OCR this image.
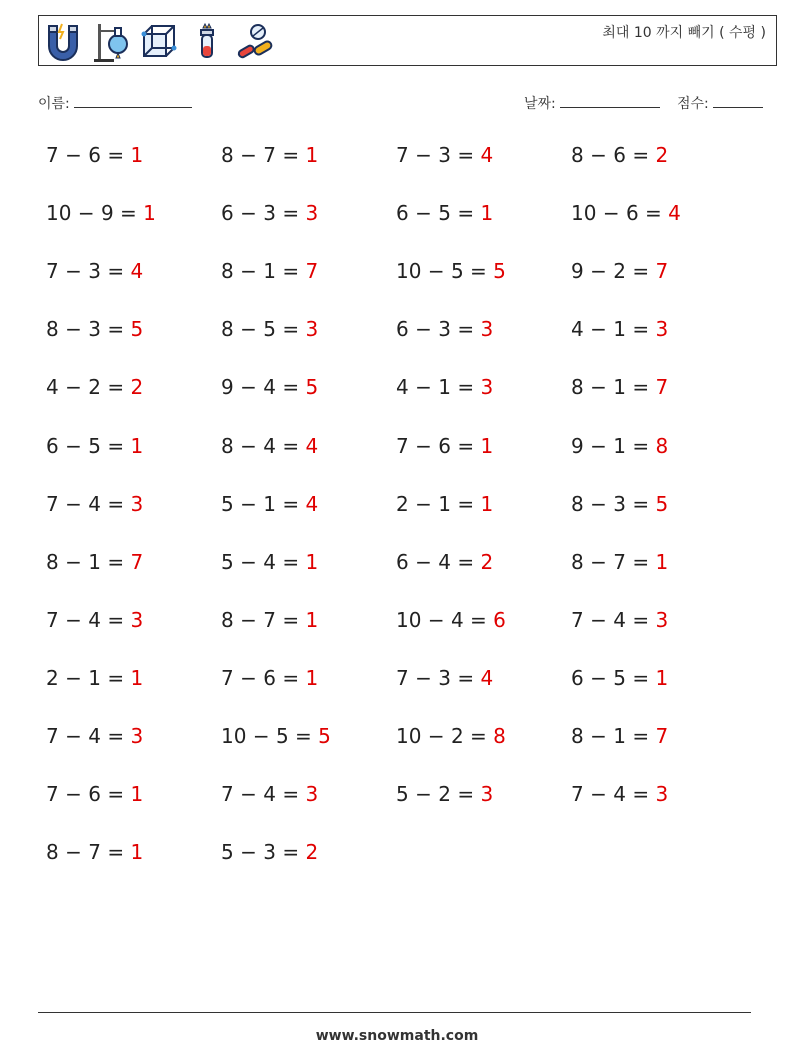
최대 10 까지 빼기 ( 수평 )
이름:	날짜:	점수:
7 − 6 = 1
10 − 9 = 1
7 − 3 = 4
8 − 3 = 5
4 − 2 = 2
6 − 5 = 1
7 − 4 = 3
8 − 1 = 7
7 − 4 = 3
2 − 1 = 1
7 − 4 = 3
7 − 6 = 1
8 − 7 = 1
8 − 7 = 1
6 − 3 = 3
8 − 1 = 7
8 − 5 = 3
9 − 4 = 5
8 − 4 = 4
5 − 1 = 4
5 − 4 = 1
8 − 7 = 1
7 − 6 = 1
10 − 5 = 5
7 − 4 = 3
5 − 3 = 2
7 − 3 = 4
6 − 5 = 1
10 − 5 = 5
6 − 3 = 3
4 − 1 = 3
7 − 6 = 1
2 − 1 = 1
6 − 4 = 2
10 − 4 = 6
7 − 3 = 4
10 − 2 = 8
5 − 2 = 3
8 − 6 = 2
10 − 6 = 4
9 − 2 = 7
4 − 1 = 3
8 − 1 = 7
9 − 1 = 8
8 − 3 = 5
8 − 7 = 1
7 − 4 = 3
6 − 5 = 1
8 − 1 = 7
7 − 4 = 3
www.snowmath.com
